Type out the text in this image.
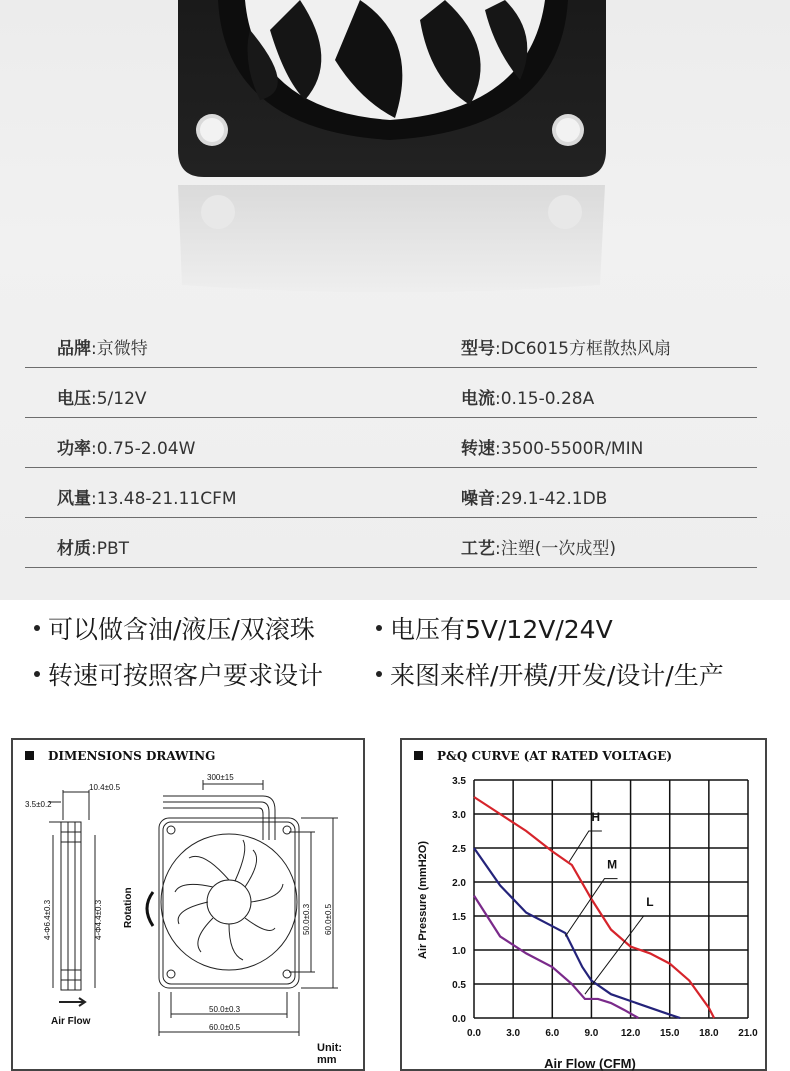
品牌:京微特	型号:DC6015方框散热风扇
电压:5/12V	电流:0.15-0.28A
功率:0.75-2.04W	转速:3500-5500R/MIN
风量:13.48-21.11CFM	噪音:29.1-42.1DB
材质:PBT	工艺:注塑(一次成型)
可以做含油/液压/双滚珠	电压有5V/12V/24V
转速可按照客户要求设计	来图来样/开模/开发/设计/生产
DIMENSIONS DRAWING
10.4±0.5
3.5±0.2
4-Φ6.4±0.3	4-Φ4.4±0.3
Air Flow
Rotation
300±15
50.0±0.3 60.0±0.5
50.0±0.3
60.0±0.5
Unit: mm
P&Q CURVE (AT RATED VOLTAGE)
Air Pressure (mmH2O)
Air Flow (CFM)
0.0	3.0	6.0	9.0 12.0 15.0 18.0 21.0
0.0
0.5
1.0
1.5
2.0
2.5
3.0
3.5
H
M
L
